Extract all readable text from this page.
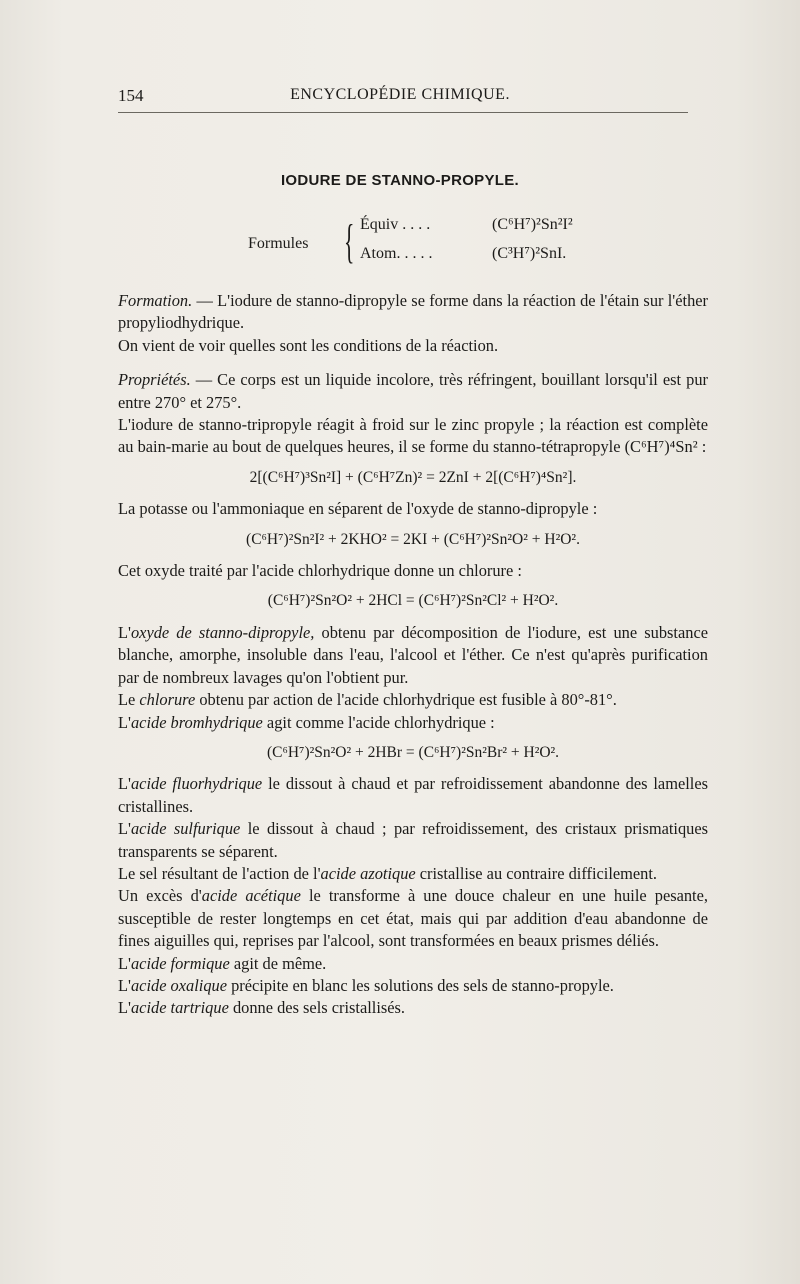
154	ENCYCLOPÉDIE CHIMIQUE.
IODURE DE STANNO-PROPYLE.
Formules { Équiv . . . .	(C⁶H⁷)²Sn²I²
Atom. . . . .	(C³H⁷)²SnI.

Formation. — L'iodure de stanno-dipropyle se forme dans la réaction de l'étain sur l'éther propyliodhydrique.

On vient de voir quelles sont les conditions de la réaction.

Propriétés. — Ce corps est un liquide incolore, très réfringent, bouillant lorsqu'il est pur entre 270° et 275°.

L'iodure de stanno-tripropyle réagit à froid sur le zinc propyle ; la réaction est complète au bain-marie au bout de quelques heures, il se forme du stanno-tétrapropyle (C⁶H⁷)⁴Sn² :

2[(C⁶H⁷)³Sn²I] + (C⁶H⁷Zn)² = 2ZnI + 2[(C⁶H⁷)⁴Sn²].

La potasse ou l'ammoniaque en séparent de l'oxyde de stanno-dipropyle :

(C⁶H⁷)²Sn²I² + 2KHO² = 2KI + (C⁶H⁷)²Sn²O² + H²O².

Cet oxyde traité par l'acide chlorhydrique donne un chlorure :

(C⁶H⁷)²Sn²O² + 2HCl = (C⁶H⁷)²Sn²Cl² + H²O².

L'oxyde de stanno-dipropyle, obtenu par décomposition de l'iodure, est une substance blanche, amorphe, insoluble dans l'eau, l'alcool et l'éther. Ce n'est qu'après purification par de nombreux lavages qu'on l'obtient pur.

Le chlorure obtenu par action de l'acide chlorhydrique est fusible à 80°-81°.

L'acide bromhydrique agit comme l'acide chlorhydrique :

(C⁶H⁷)²Sn²O² + 2HBr = (C⁶H⁷)²Sn²Br² + H²O².

L'acide fluorhydrique le dissout à chaud et par refroidissement abandonne des lamelles cristallines.

L'acide sulfurique le dissout à chaud ; par refroidissement, des cristaux prismatiques transparents se séparent.

Le sel résultant de l'action de l'acide azotique cristallise au contraire difficilement.

Un excès d'acide acétique le transforme à une douce chaleur en une huile pesante, susceptible de rester longtemps en cet état, mais qui par addition d'eau abandonne de fines aiguilles qui, reprises par l'alcool, sont transformées en beaux prismes déliés.

L'acide formique agit de même.

L'acide oxalique précipite en blanc les solutions des sels de stanno-propyle.

L'acide tartrique donne des sels cristallisés.
